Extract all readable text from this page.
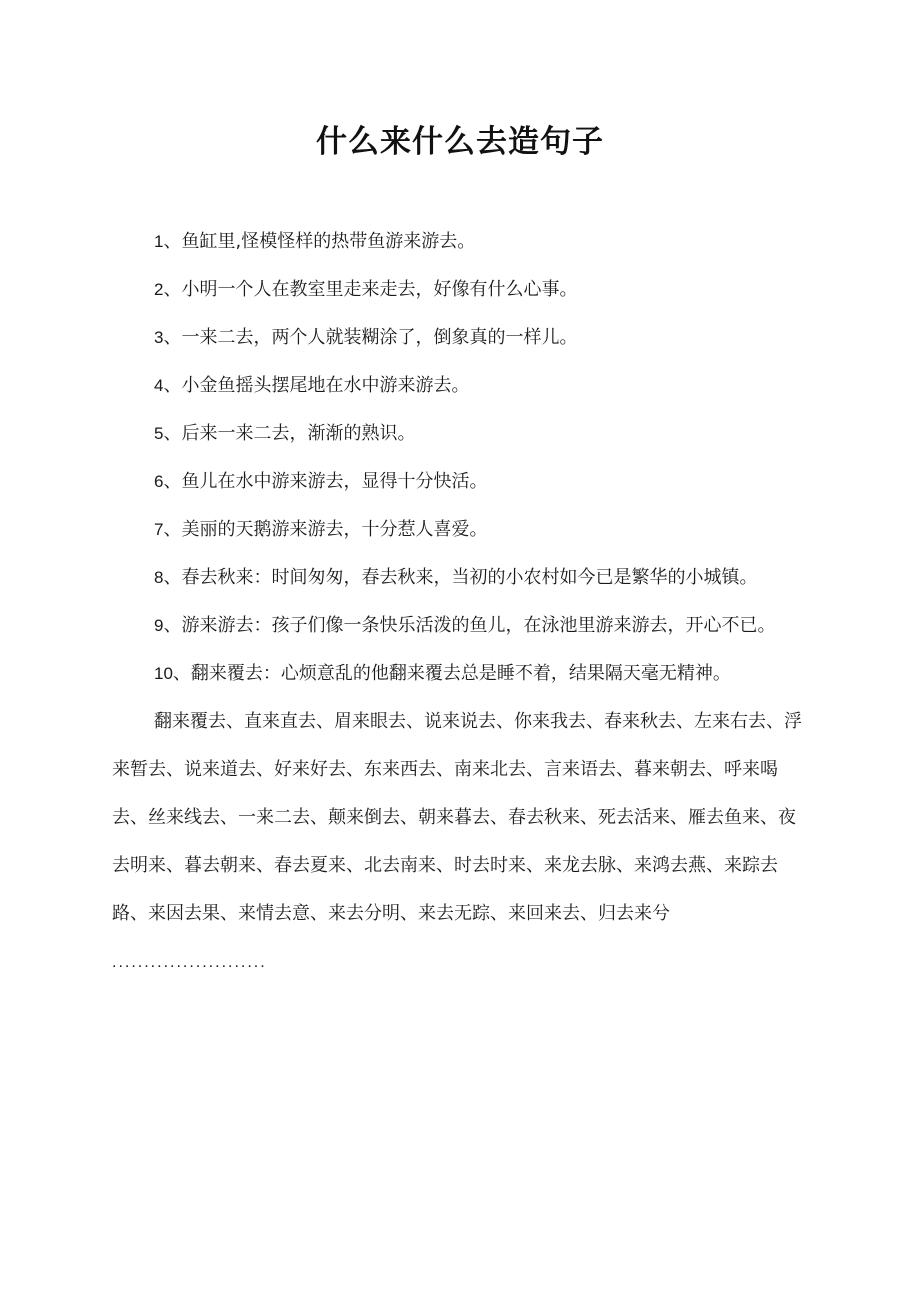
什么来什么去造句子

1、鱼缸里,怪模怪样的热带鱼游来游去。

2、小明一个人在教室里走来走去，好像有什么心事。

3、一来二去，两个人就装糊涂了，倒象真的一样儿。

4、小金鱼摇头摆尾地在水中游来游去。

5、后来一来二去，渐渐的熟识。

6、鱼儿在水中游来游去，显得十分快活。

7、美丽的天鹅游来游去，十分惹人喜爱。

8、春去秋来：时间匆匆，春去秋来，当初的小农村如今已是繁华的小城镇。

9、游来游去：孩子们像一条快乐活泼的鱼儿，在泳池里游来游去，开心不已。

10、翻来覆去：心烦意乱的他翻来覆去总是睡不着，结果隔天毫无精神。

翻来覆去、直来直去、眉来眼去、说来说去、你来我去、春来秋去、左来右去、浮来暂去、说来道去、好来好去、东来西去、南来北去、言来语去、暮来朝去、呼来喝去、丝来线去、一来二去、颠来倒去、朝来暮去、春去秋来、死去活来、雁去鱼来、夜去明来、暮去朝来、春去夏来、北去南来、时去时来、来龙去脉、来鸿去燕、来踪去路、来因去果、来情去意、来去分明、来去无踪、来回来去、归去来兮 ........................
